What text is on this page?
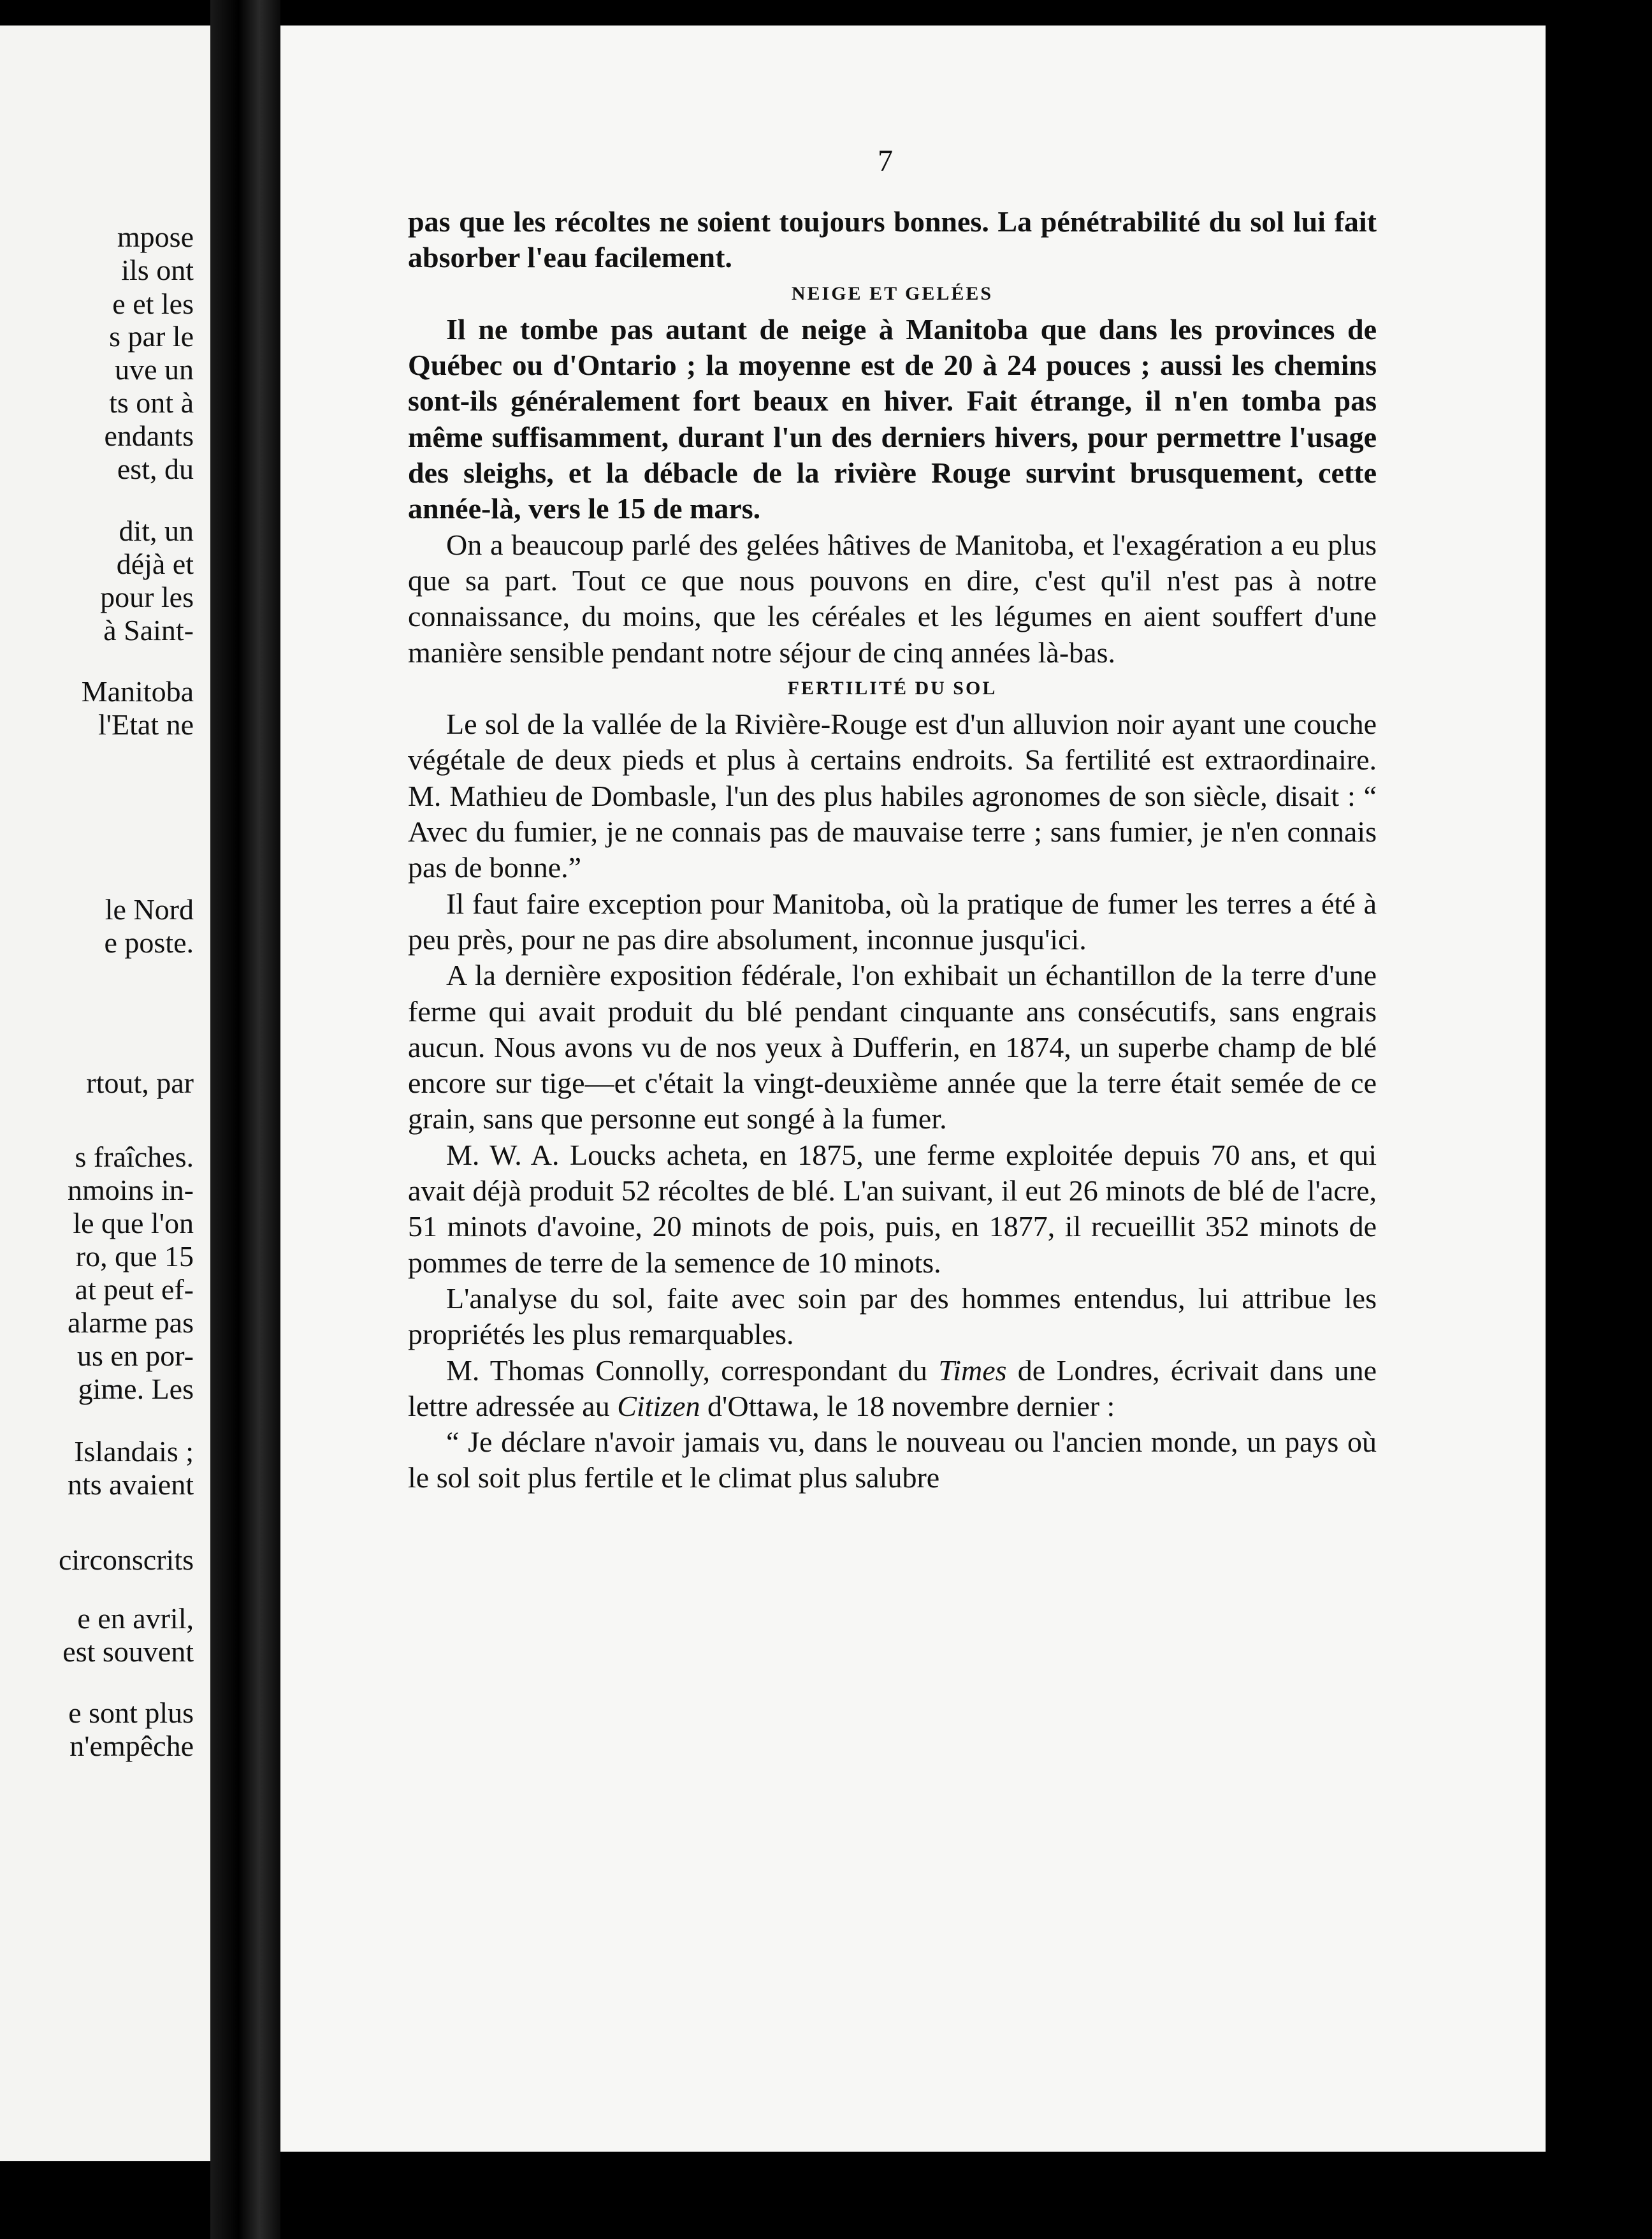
mpose
ils ont
e et les
s par le
uve un
ts ont à
endants
est, du
dit, un
déjà et
pour les
à Saint-
Manitoba
l'Etat ne
le Nord
e poste.
rtout, par
s fraîches.
nmoins in-
le que l'on
ro, que 15
at peut ef-
alarme pas
us en por-
gime. Les
Islandais ;
nts avaient
circonscrits
e en avril,
est souvent
e sont plus
n'empêche
7

pas que les récoltes ne soient toujours bonnes. La pénétrabilité du sol lui fait absorber l'eau facilement.

NEIGE ET GELÉES

Il ne tombe pas autant de neige à Manitoba que dans les provinces de Québec ou d'Ontario ; la moyenne est de 20 à 24 pouces ; aussi les chemins sont-ils généralement fort beaux en hiver. Fait étrange, il n'en tomba pas même suffisamment, durant l'un des derniers hivers, pour permettre l'usage des sleighs, et la débacle de la rivière Rouge survint brusquement, cette année-là, vers le 15 de mars.

On a beaucoup parlé des gelées hâtives de Manitoba, et l'exagération a eu plus que sa part. Tout ce que nous pouvons en dire, c'est qu'il n'est pas à notre connaissance, du moins, que les céréales et les légumes en aient souffert d'une manière sensible pendant notre séjour de cinq années là-bas.

FERTILITÉ DU SOL

Le sol de la vallée de la Rivière-Rouge est d'un alluvion noir ayant une couche végétale de deux pieds et plus à certains endroits. Sa fertilité est extraordinaire. M. Mathieu de Dombasle, l'un des plus habiles agronomes de son siècle, disait : “ Avec du fumier, je ne connais pas de mauvaise terre ; sans fumier, je n'en connais pas de bonne.”

Il faut faire exception pour Manitoba, où la pratique de fumer les terres a été à peu près, pour ne pas dire absolument, inconnue jusqu'ici.

A la dernière exposition fédérale, l'on exhibait un échantillon de la terre d'une ferme qui avait produit du blé pendant cinquante ans consécutifs, sans engrais aucun. Nous avons vu de nos yeux à Dufferin, en 1874, un superbe champ de blé encore sur tige—et c'était la vingt-deuxième année que la terre était semée de ce grain, sans que personne eut songé à la fumer.

M. W. A. Loucks acheta, en 1875, une ferme exploitée depuis 70 ans, et qui avait déjà produit 52 récoltes de blé. L'an suivant, il eut 26 minots de blé de l'acre, 51 minots d'avoine, 20 minots de pois, puis, en 1877, il recueillit 352 minots de pommes de terre de la semence de 10 minots.

L'analyse du sol, faite avec soin par des hommes entendus, lui attribue les propriétés les plus remarquables.

M. Thomas Connolly, correspondant du Times de Londres, écrivait dans une lettre adressée au Citizen d'Ottawa, le 18 novembre dernier :

“ Je déclare n'avoir jamais vu, dans le nouveau ou l'ancien monde, un pays où le sol soit plus fertile et le climat plus salubre
